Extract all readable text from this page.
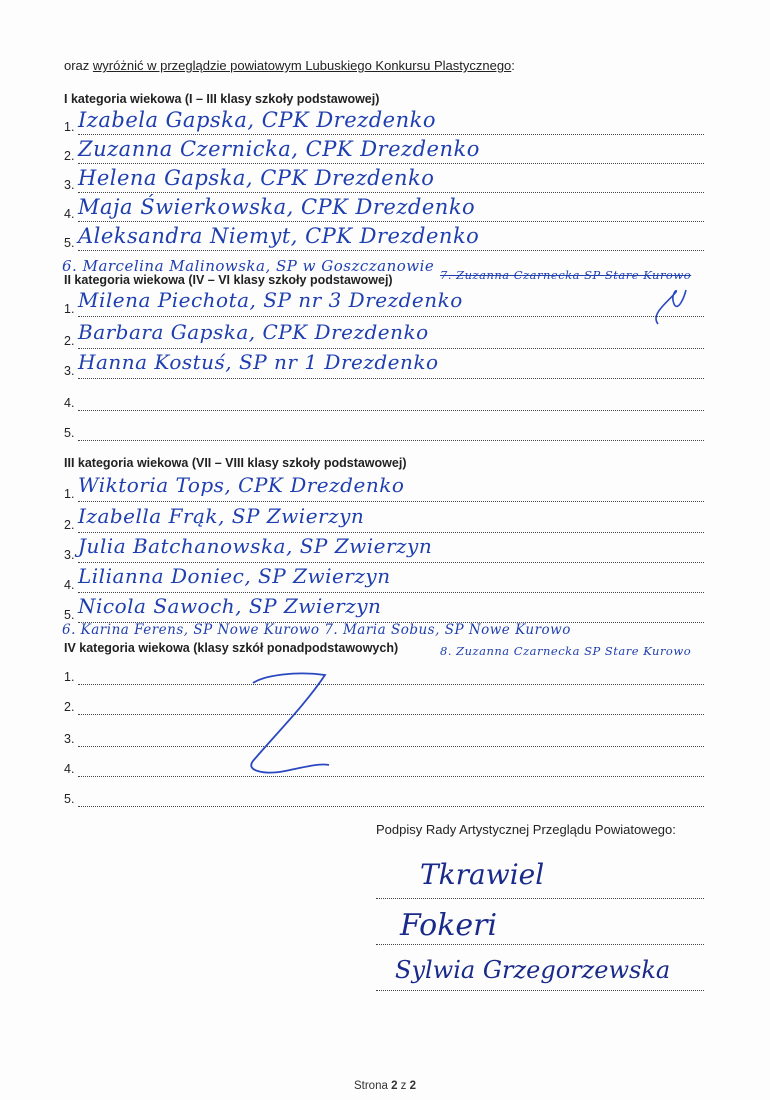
oraz wyróżnić w przeglądzie powiatowym Lubuskiego Konkursu Plastycznego:
I kategoria wiekowa (I – III klasy szkoły podstawowej)
1. Izabela Gapska, CPK Drezdenko
2. Zuzanna Czernicka, CPK Drezdenko
3. Helena Gapska, CPK Drezdenko
4. Maja Świerkowska, CPK Drezdenko
5. Aleksandra Niemyt, CPK Drezdenko
6. Marcelina Malinowska, SP w Goszczanowie
II kategoria wiekowa (IV – VI klasy szkoły podstawowej)	7. Zuzanna Czarnecka SP Stare Kurowo
1. Milena Piechota, SP nr 3 Drezdenko
2. Barbara Gapska, CPK Drezdenko
3. Hanna Kostuś, SP nr 1 Drezdenko
4.
5.
III kategoria wiekowa (VII – VIII klasy szkoły podstawowej)
1. Wiktoria Tops, CPK Drezdenko
2. Izabella Frąk, SP Zwierzyn
3. Julia Batchanowska, SP Zwierzyn
4. Lilianna Doniec, SP Zwierzyn
5. Nicola Sawoch, SP Zwierzyn
6. Karina Ferens, SP Nowe Kurowo 7. Maria Sobus, SP Nowe Kurowo
IV kategoria wiekowa (klasy szkół ponadpodstawowych)	8. Zuzanna Czarnecka SP Stare Kurowo
1.
2.
3.
4.
5.
Podpisy Rady Artystycznej Przeglądu Powiatowego:
Tkrawiel
Fokeri
Sylwia Grzegorzewska
Strona 2 z 2
